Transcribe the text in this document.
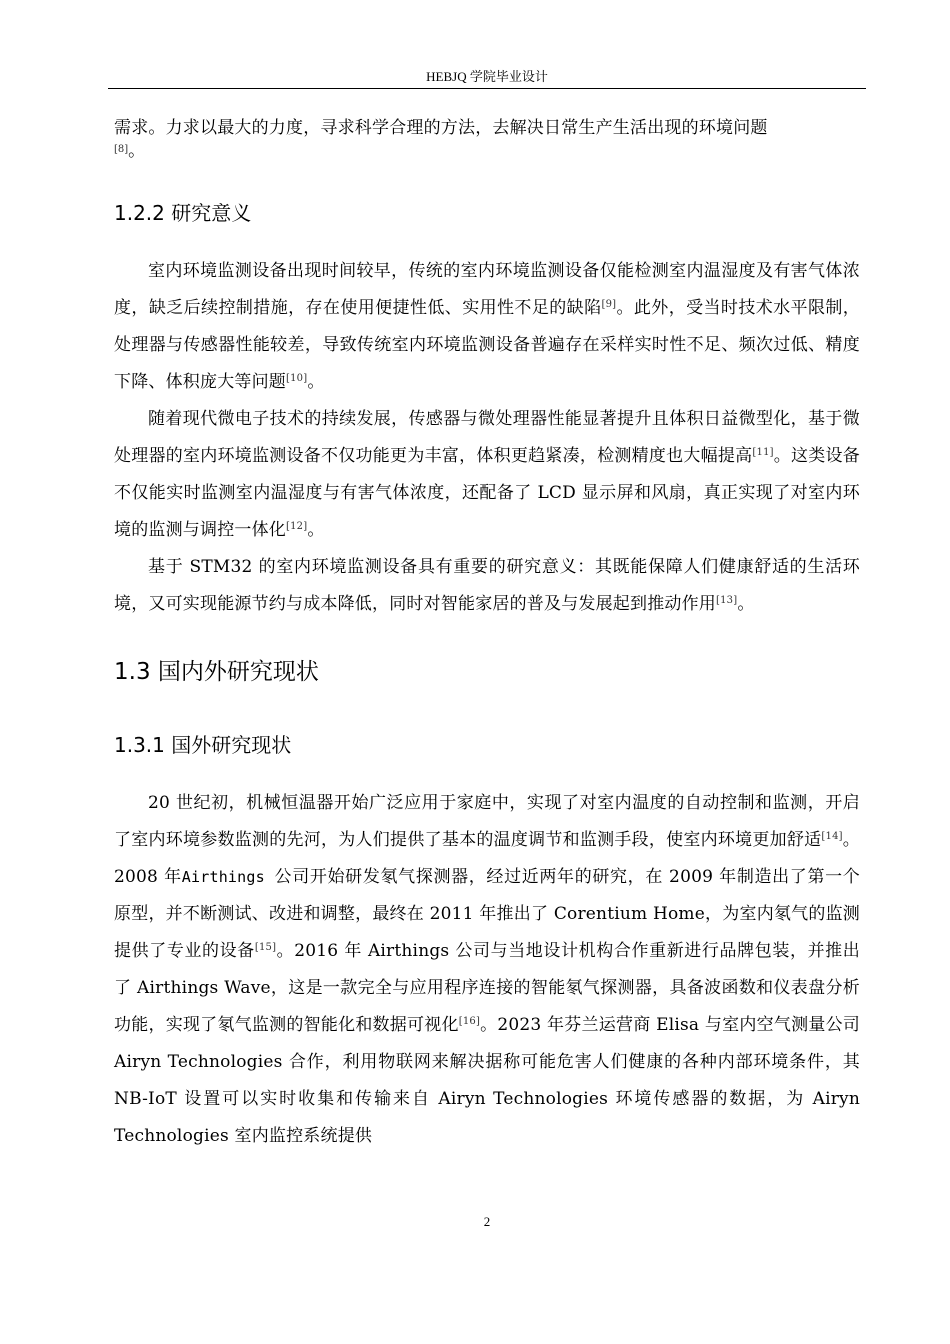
HEBJQ 学院毕业设计

需求。力求以最大的力度，寻求科学合理的方法，去解决日常生产生活出现的环境问题

[8]。
1.2.2 研究意义

室内环境监测设备出现时间较早，传统的室内环境监测设备仅能检测室内温湿度及有害气体浓度，缺乏后续控制措施，存在使用便捷性低、实用性不足的缺陷[9]。此外，受当时技术水平限制，处理器与传感器性能较差，导致传统室内环境监测设备普遍存在采样实时性不足、频次过低、精度下降、体积庞大等问题[10]。

随着现代微电子技术的持续发展，传感器与微处理器性能显著提升且体积日益微型化，基于微处理器的室内环境监测设备不仅功能更为丰富，体积更趋紧凑，检测精度也大幅提高[11]。这类设备不仅能实时监测室内温湿度与有害气体浓度，还配备了 LCD 显示屏和风扇，真正实现了对室内环境的监测与调控一体化[12]。

基于 STM32 的室内环境监测设备具有重要的研究意义：其既能保障人们健康舒适的生活环境，又可实现能源节约与成本降低，同时对智能家居的普及与发展起到推动作用[13]。

1.3 国内外研究现状
1.3.1 国外研究现状

20 世纪初，机械恒温器开始广泛应用于家庭中，实现了对室内温度的自动控制和监测，开启了室内环境参数监测的先河，为人们提供了基本的温度调节和监测手段，使室内环境更加舒适[14]。2008 年Airthings 公司开始研发氡气探测器，经过近两年的研究，在 2009 年制造出了第一个原型，并不断测试、改进和调整，最终在 2011 年推出了 Corentium Home，为室内氡气的监测提供了专业的设备[15]。2016 年 Airthings 公司与当地设计机构合作重新进行品牌包装，并推出了 Airthings Wave，这是一款完全与应用程序连接的智能氡气探测器，具备波函数和仪表盘分析功能，实现了氡气监测的智能化和数据可视化[16]。2023 年芬兰运营商 Elisa 与室内空气测量公司 Airyn Technologies 合作，利用物联网来解决据称可能危害人们健康的各种内部环境条件，其 NB-IoT 设置可以实时收集和传输来自 Airyn Technologies 环境传感器的数据，为 Airyn Technologies 室内监控系统提供

2
